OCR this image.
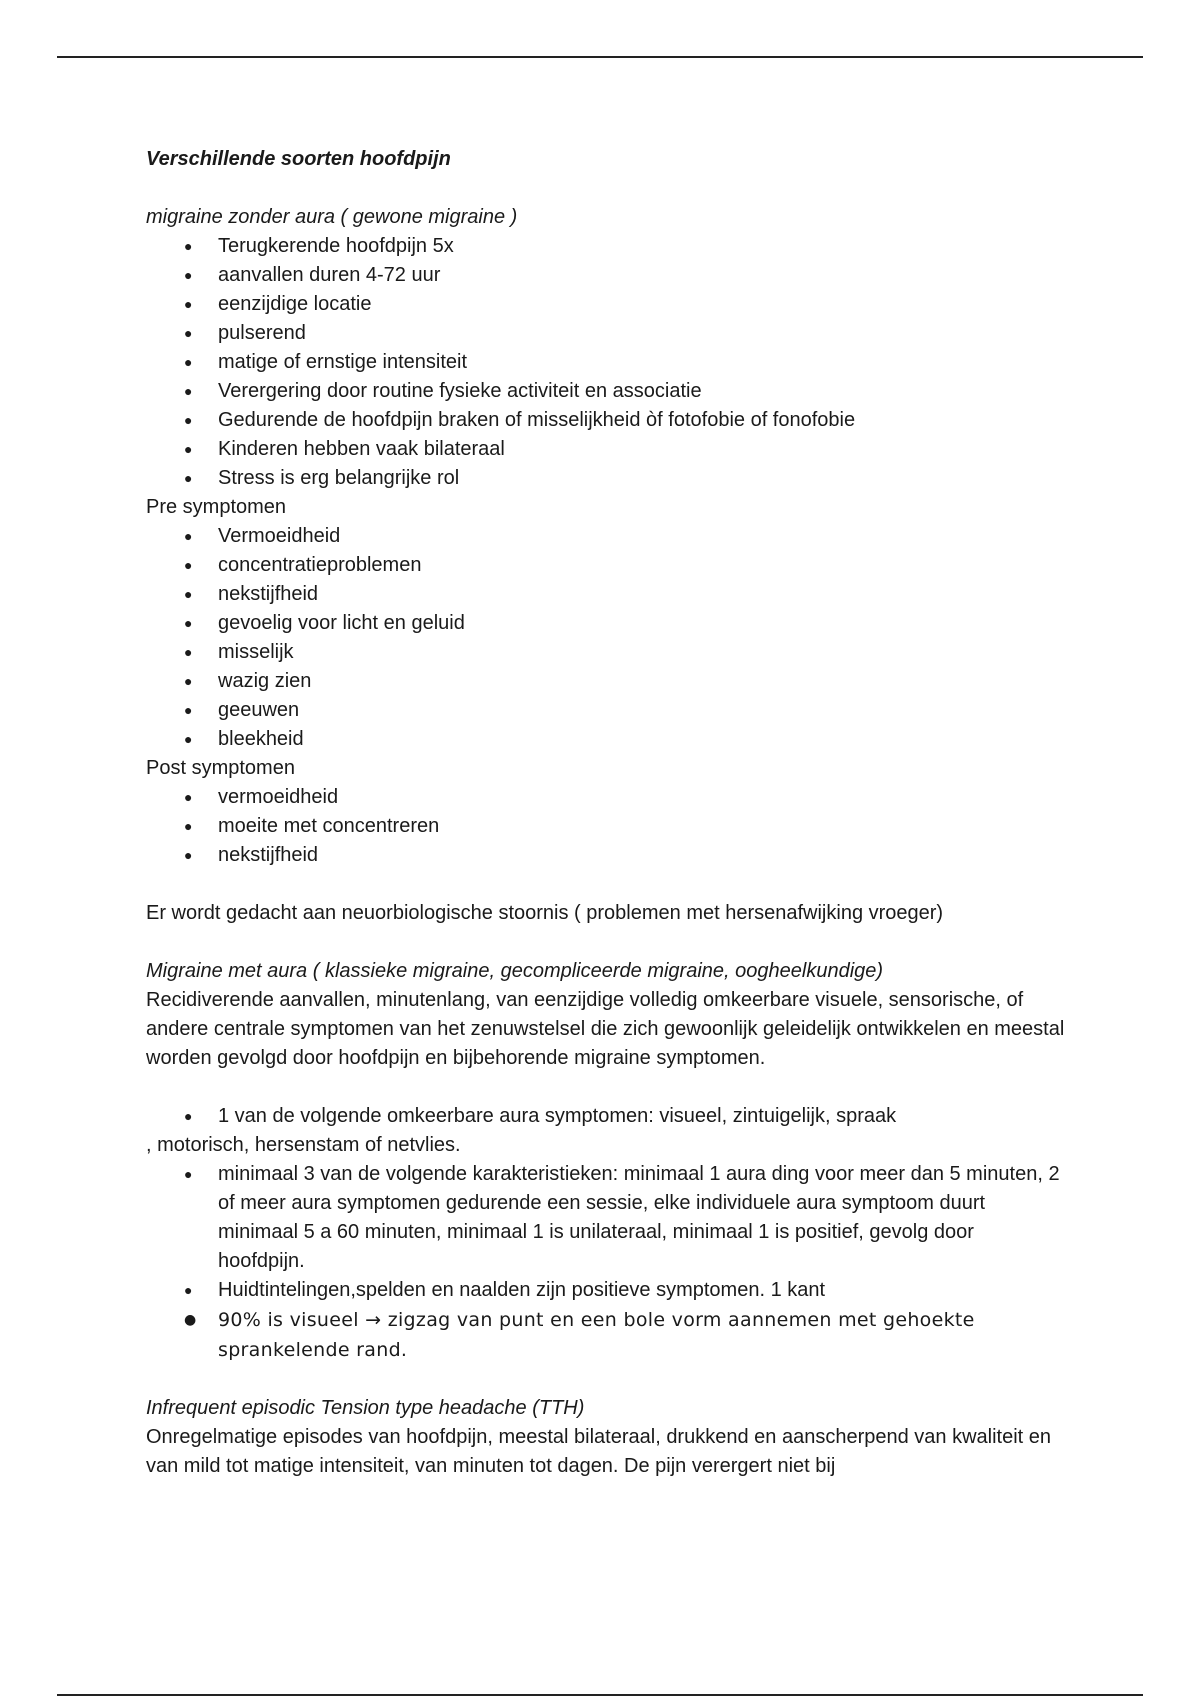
Verschillende soorten hoofdpijn

migraine zonder aura ( gewone migraine )

● Terugkerende hoofdpijn 5x
● aanvallen duren 4-72 uur
● eenzijdige locatie
● pulserend
● matige of ernstige intensiteit
● Verergering door routine fysieke activiteit en associatie
● Gedurende de hoofdpijn braken of misselijkheid òf fotofobie of fonofobie
● Kinderen hebben vaak bilateraal
● Stress is erg belangrijke rol

Pre symptomen

● Vermoeidheid
● concentratieproblemen
● nekstijfheid
● gevoelig voor licht en geluid
● misselijk
● wazig zien
● geeuwen
● bleekheid

Post symptomen

● vermoeidheid
● moeite met concentreren
● nekstijfheid

Er wordt gedacht aan neuorbiologische stoornis ( problemen met hersenafwijking vroeger)

Migraine met aura ( klassieke migraine, gecompliceerde migraine, oogheelkundige)

Recidiverende aanvallen, minutenlang, van eenzijdige volledig omkeerbare visuele, sensorische, of andere centrale symptomen van het zenuwstelsel die zich gewoonlijk geleidelijk ontwikkelen en meestal worden gevolgd door hoofdpijn en bijbehorende migraine symptomen.

● 1 van de volgende omkeerbare aura symptomen: visueel, zintuigelijk, spraak
, motorisch, hersenstam of netvlies.
● minimaal 3 van de volgende karakteristieken: minimaal 1 aura ding voor meer dan 5 minuten, 2 of meer aura symptomen gedurende een sessie, elke individuele aura symptoom duurt minimaal 5 a 60 minuten, minimaal 1 is unilateraal, minimaal 1 is positief, gevolg door hoofdpijn.
● Huidtintelingen,spelden en naalden zijn positieve symptomen. 1 kant
● 90% is visueel → zigzag van punt en een bole vorm aannemen met gehoekte sprankelende rand.

Infrequent episodic Tension type headache (TTH)

Onregelmatige episodes van hoofdpijn, meestal bilateraal, drukkend en aanscherpend van kwaliteit en van mild tot matige intensiteit, van minuten tot dagen. De pijn verergert niet bij
